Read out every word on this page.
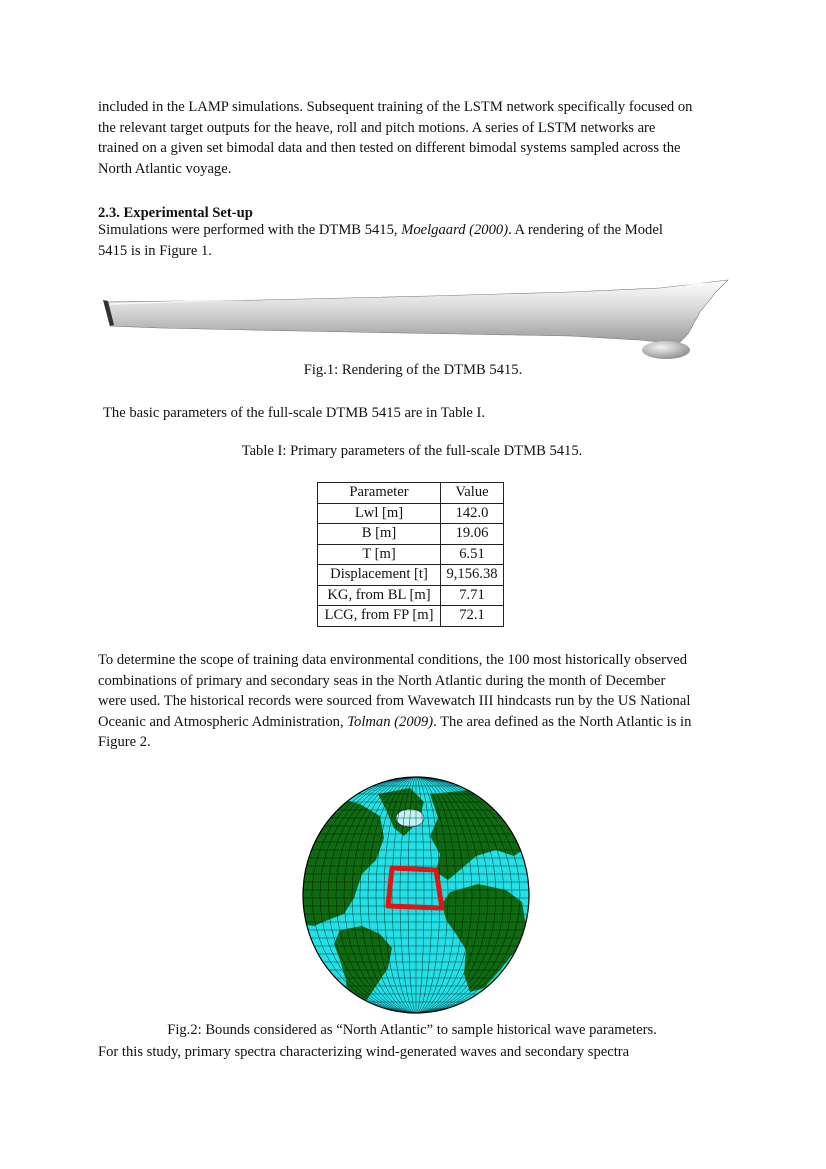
included in the LAMP simulations. Subsequent training of the LSTM network specifically focused on
the relevant target outputs for the heave, roll and pitch motions. A series of LSTM networks are
trained on a given set bimodal data and then tested on different bimodal systems sampled across the
North Atlantic voyage.

2.3. Experimental Set-up

Simulations were performed with the DTMB 5415, Moelgaard (2000). A rendering of the Model
5415 is in Figure 1.

Fig.1: Rendering of the DTMB 5415.

The basic parameters of the full-scale DTMB 5415 are in Table I.

Table I: Primary parameters of the full-scale DTMB 5415.

Parameter	Value
Lwl [m]	142.0
B [m]	19.06
T [m]	6.51
Displacement [t]	9,156.38
KG, from BL [m]	7.71
LCG, from FP [m]	72.1

To determine the scope of training data environmental conditions, the 100 most historically observed
combinations of primary and secondary seas in the North Atlantic during the month of December
were used. The historical records were sourced from Wavewatch III hindcasts run by the US National
Oceanic and Atmospheric Administration, Tolman (2009). The area defined as the North Atlantic is in
Figure 2.

Fig.2: Bounds considered as “North Atlantic” to sample historical wave parameters.

For this study, primary spectra characterizing wind-generated waves and secondary spectra
